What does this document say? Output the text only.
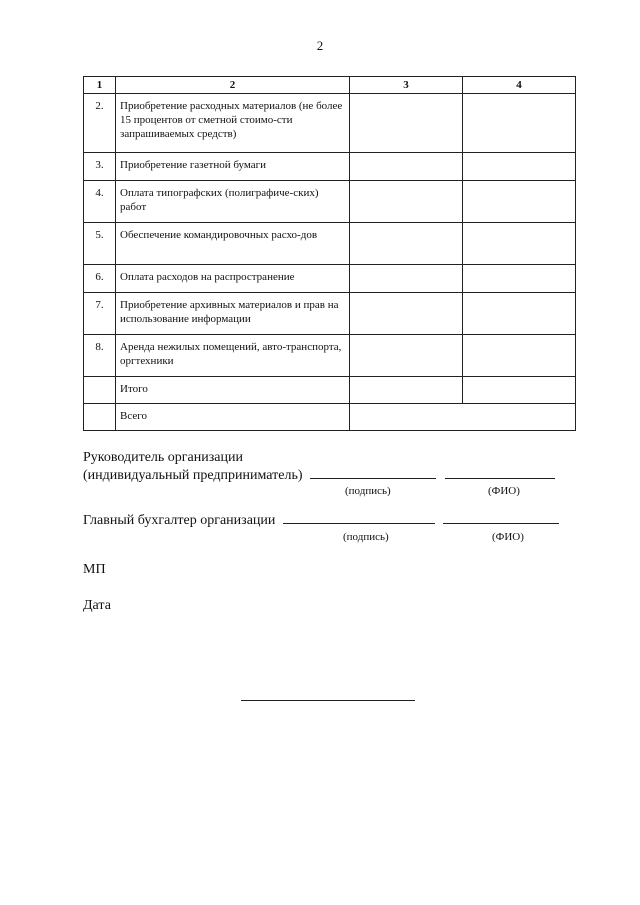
2
1	2	3	4
2.	Приобретение расходных материалов (не более 15 процентов от сметной стоимо-сти запрашиваемых средств)		
3.	Приобретение газетной бумаги		
4.	Оплата типографских (полиграфиче-ских) работ		
5.	Обеспечение командировочных расхо-дов		
6.	Оплата расходов на распространение		
7.	Приобретение архивных материалов и прав на использование информации		
8.	Аренда нежилых помещений, авто-транспорта, оргтехники		
	Итого		
	Всего		
Руководитель организации
(индивидуальный предприниматель)
(подпись)	(ФИО)
Главный бухгалтер организации
(подпись)	(ФИО)
МП
Дата
